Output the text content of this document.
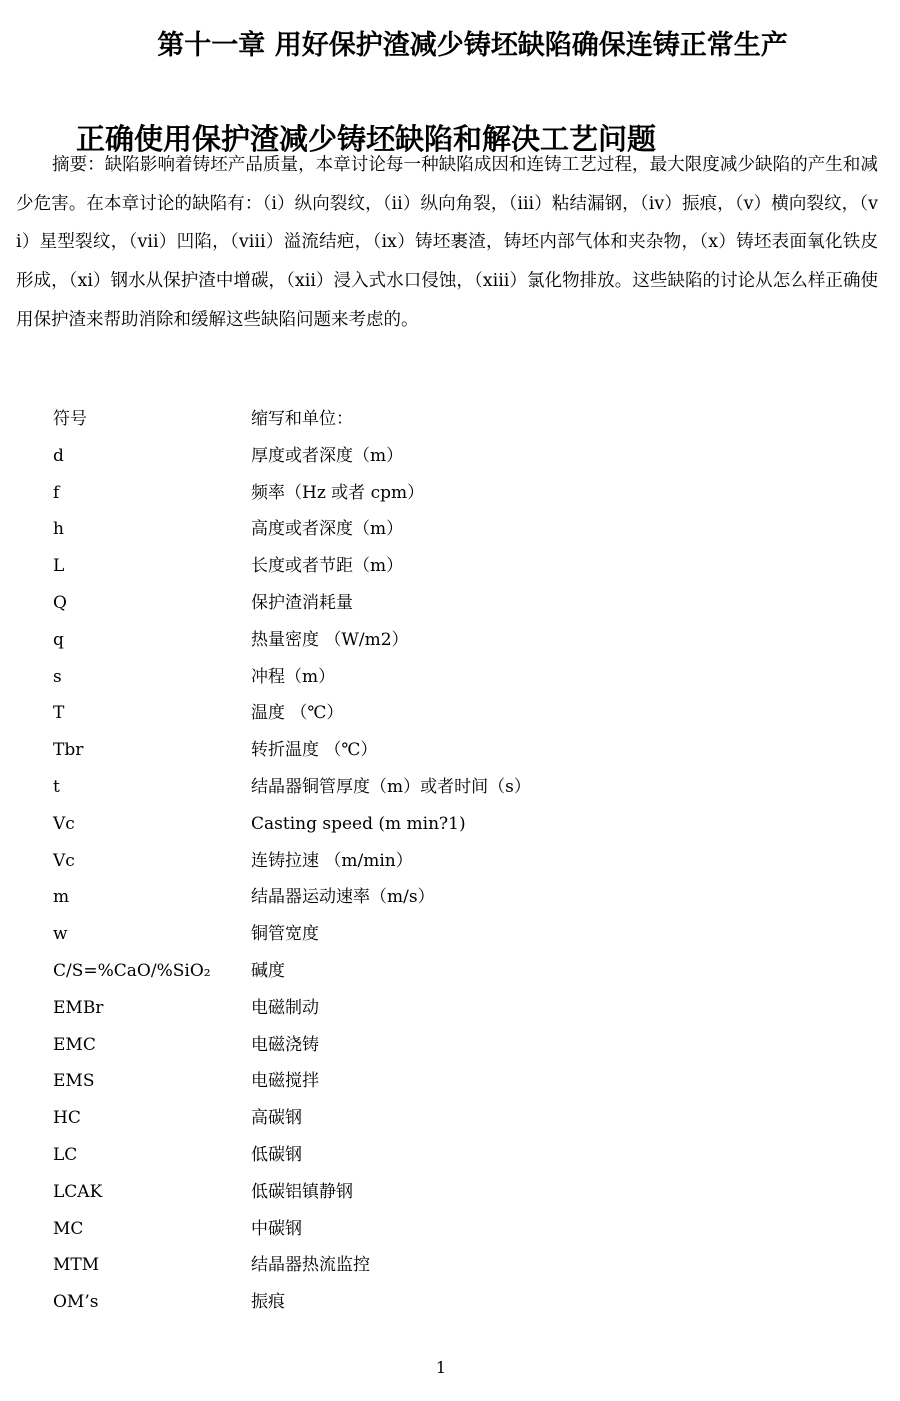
第十一章 用好保护渣减少铸坯缺陷确保连铸正常生产
正确使用保护渣减少铸坯缺陷和解决工艺问题

摘要：缺陷影响着铸坯产品质量，本章讨论每一种缺陷成因和连铸工艺过程，最大限度减少缺陷的产生和减少危害。在本章讨论的缺陷有：（i）纵向裂纹，（ii）纵向角裂，（iii）粘结漏钢，（iv）振痕，（v）横向裂纹，（vi）星型裂纹，（vii）凹陷，（viii）溢流结疤，（ix）铸坯裹渣，铸坯内部气体和夹杂物，（x）铸坯表面氧化铁皮形成，（xi）钢水从保护渣中增碳，（xii）浸入式水口侵蚀，（xiii）氯化物排放。这些缺陷的讨论从怎么样正确使用保护渣来帮助消除和缓解这些缺陷问题来考虑的。

符号	缩写和单位：
d	厚度或者深度（m）
f	频率（Hz 或者 cpm）
h	高度或者深度（m）
L	长度或者节距（m）
Q	保护渣消耗量
q	热量密度 （W/m2）
s	冲程（m）
T	温度 （℃）
Tbr	转折温度 （℃）
t	结晶器铜管厚度（m）或者时间（s）
Vc	Casting speed (m min?1)
Vc	连铸拉速 （m/min）
m	结晶器运动速率（m/s）
w	铜管宽度
C/S=%CaO/%SiO₂ 碱度
EMBr	电磁制动
EMC	电磁浇铸
EMS	电磁搅拌
HC	高碳钢
LC	低碳钢
LCAK	低碳铝镇静钢
MC	中碳钢
MTM	结晶器热流监控
OM’s	振痕
1
